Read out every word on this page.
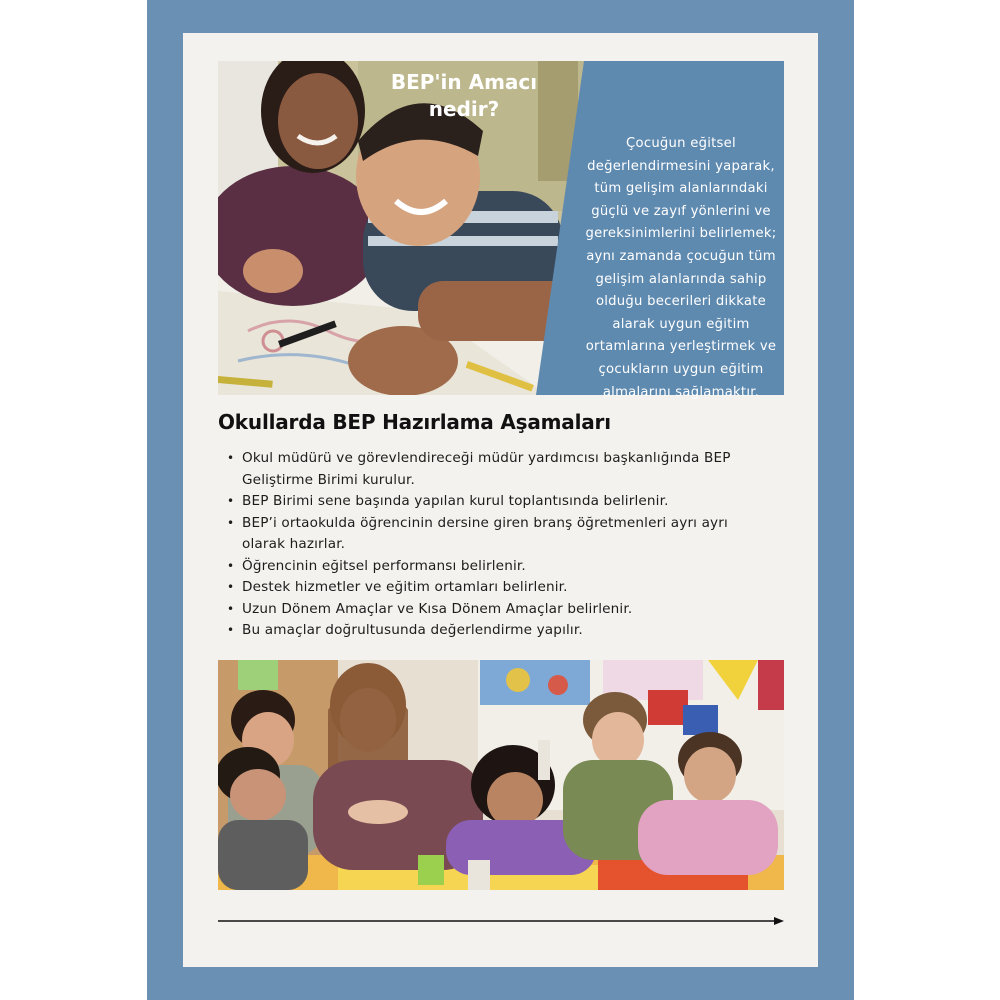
BEP'in Amacı
nedir?
Çocuğun eğitsel
değerlendirmesini yaparak,
tüm gelişim alanlarındaki
güçlü ve zayıf yönlerini ve
gereksinimlerini belirlemek;
aynı zamanda çocuğun tüm
gelişim alanlarında sahip
olduğu becerileri dikkate
alarak uygun eğitim
ortamlarına yerleştirmek ve
çocukların uygun eğitim
almalarını sağlamaktır.
Okullarda BEP Hazırlama Aşamaları
• Okul müdürü ve görevlendireceği müdür yardımcısı başkanlığında BEP
Geliştirme Birimi kurulur.
• BEP Birimi sene başında yapılan kurul toplantısında belirlenir.
• BEP’i ortaokulda öğrencinin dersine giren branş öğretmenleri ayrı ayrı
olarak hazırlar.
• Öğrencinin eğitsel performansı belirlenir.
• Destek hizmetler ve eğitim ortamları belirlenir.
• Uzun Dönem Amaçlar ve Kısa Dönem Amaçlar belirlenir.
• Bu amaçlar doğrultusunda değerlendirme yapılır.
